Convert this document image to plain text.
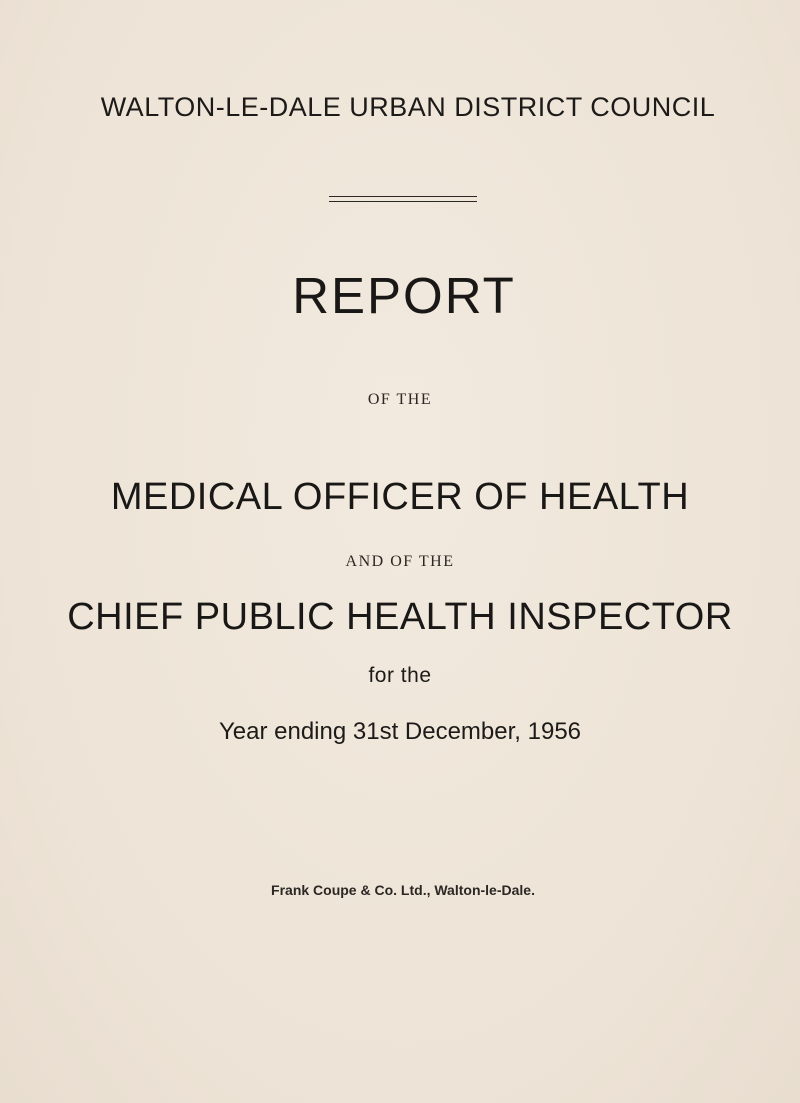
WALTON-LE-DALE URBAN DISTRICT COUNCIL
REPORT
OF THE
MEDICAL OFFICER OF HEALTH
AND OF THE
CHIEF PUBLIC HEALTH INSPECTOR
for the
Year ending 31st December, 1956
Frank Coupe & Co. Ltd., Walton-le-Dale.
